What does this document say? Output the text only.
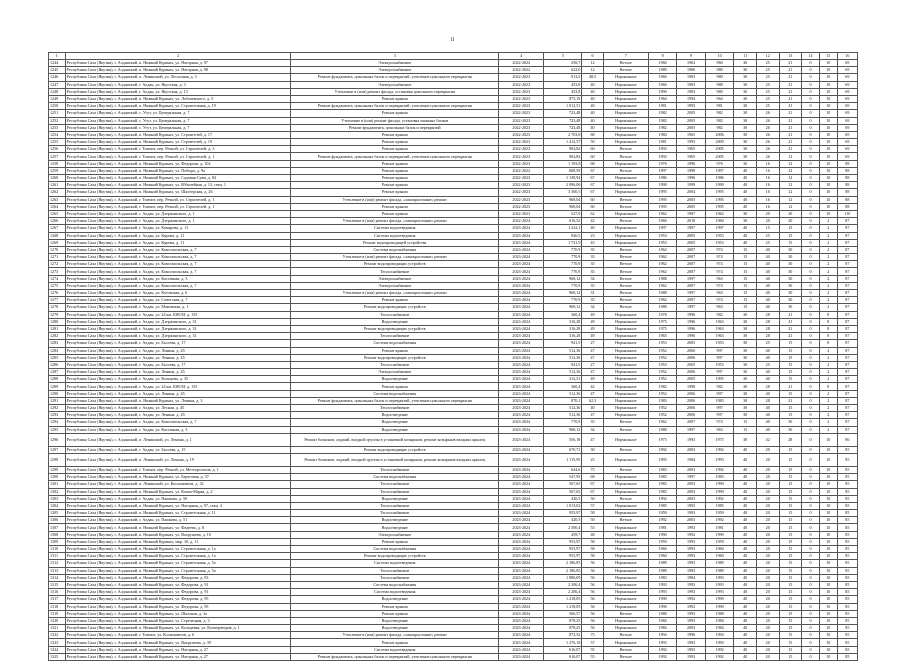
II
1	2	3	4	5	6	7	8	9	10	11	12	13	14	15	16
1244	Республика Саха (Якутия), г. Алданский, п. Нижний Куранах, ул. Нагорная, д. 97	Электроснабжение	2022-2022	256,7	12	Ветхое	1960	1963	960	30	25	21	0	10	69
1245	Республика Саха (Якутия), г. Алданский, п. Нижний Куранах, ул. Нагорная, д. 98	Электроснабжение	2022-2022	622,0	12	Ветхое	1989	1980	980	30	25	21	0	10	69
1246	Республика Саха (Якутия), г. Алданский, п. Ленинский, ул. Лесхозная, д. 3	Ремонт фундамента, цокольных балок и перекрытий, утепление цокольного перекрытия	2022-2023	913,5	48,5	Нормальное	1960	1983	980	30	25	21	0	10	69
1247	Республика Саха (Якутия), г. Алданский, г. Алдан, ул. Якутская, д. 3	Электроснабжение	2022-2022	453,8	40	Нормальное	1960	1983	988	30	25	21	0	10	69
1248	Республика Саха (Якутия), г. Алданский, г. Алдан, ул. Якутская, д. 13	Утепление в (или) ремонт фасада, установка цокольного перекрытия	2022-2023	453,8	40	Нормальное	1990	1983	980	30	25	21	0	10	69
1249	Республика Саха (Якутия), г. Алданский, п. Нижний Куранах, ул. Лобачевского, д. 5	Ремонт крыши	2022-2023	875,19	40	Нормальное	1964	1994	964	30	25	21	0	10	69
1250	Республика Саха (Якутия), г. Алданский, п. Нижний Куранах, ул. Строительная, д. 19	Ремонт фундамента, цокольных балок и перекрытий, утепление цокольного перекрытия	2022-2023	1 012,51	40	Нормальное	1981	1993	981	30	25	21	0	10	69
1251	Республика Саха (Якутия), г. Алданский, с. Угут, ул. Центральная, д. 7	Ремонт крыши	2022-2023	723,48	40	Нормальное	1982	2005	982	30	26	21	0	10	69
1252	Республика Саха (Якутия), г. Алданский, с. Угут, ул. Центральная, д. 7	Утепление в (или) ремонт фасада, установка оконных блоков	2022-2023	723,48	40	Нормальное	1982	2005	982	30	26	21	0	10	69
1253	Республика Саха (Якутия), г. Алданский, с. Угут, ул. Центральная, д. 7	Ремонт фундамента, цокольных балок и перекрытий	2022-2023	723,48	40	Нормальное	1982	2005	982	30	26	21	0	10	69
1254	Республика Саха (Якутия), г. Алданский, п. Нижний Куранах, ул. Строителей, д. 17	Ремонт крыши	2022-2023	2 703,8	68	Нормальное	1984	1965	2006	30	26	21	0	10	69
1255	Республика Саха (Якутия), г. Алданский, п. Нижний Куранах, ул. Строителей, д. 19	Ремонт крыши	2022-2023	1 412,57	50	Нормальное	1981	1993	2009	30	26	21	0	10	69
1256	Республика Саха (Якутия), г. Алданский, г. Томмот, пер. Речной, ул. Строителей, д. 3	Ремонт крыши	2022-2022	904,84	60	Ветхое	1993	1965	2005	30	26	21	0	10	69
1257	Республика Саха (Якутия), г. Алданский, г. Томмот, пер. Речной, ул. Строителей, д. 1	Ремонт фундамента, цокольных балок и перекрытий, утепление цокольного перекрытия	2022-2023	904,84	60	Ветхое	1993	1965	2005	30	26	12	0	10	69
1258	Республика Саха (Якутия), г. Алданский, п. Нижний Куранах, ул. Федорова, д. 102	Ремонт крыши	2022-2023	1 193,8	68	Нормальное	1976	1996	976	30	16	12	0	10	88
1259	Республика Саха (Якутия), г. Алданский, п. Нижний Куранах, ул. Победы, д. 9а	Ремонт крыши	2022-2022	668,59	67	Ветхое	1997	1999	1997	40	16	12	0	10	88
1260	Республика Саха (Якутия), г. Алданский, п. Нижний Куранах, ул. Садовая-Суви, д. 84	Ремонт крыши	2022-2023	1 138,94	67	Нормальное	1986	1996	1986	40	16	12	0	10	88
1261	Республика Саха (Якутия), г. Алданский, п. Нижний Куранах, ул. Юбилейная, д. 13, секц. 1	Ремонт крыши	2022-2023	2 096,06	67	Нормальное	1990	1999	1990	40	16	12	0	10	88
1262	Республика Саха (Якутия), г. Алданский, п. Нижний Куранах, ул. Шахтерская, д. 26	Ремонт крыши	2022-2023	3 360,5	67	Нормальное	1995	2004	1995	40	16	12	0	10	88
1263	Республика Саха (Якутия), г. Алданский, г. Томмот, пер. Речной, ул. Строителей, д. 1	Утепление в (или) ремонт фасада, «лакокрасочные» ремонт	2022-2023	968,04	60	Ветхое	1995	2005	1995	40	16	12	0	10	88
1264	Республика Саха (Якутия), г. Алданский, г. Томмот, пер. Речной, ул. Строителей, д. 1	Ремонт крыши	2022-2023	968,04	60	Ветхое	1995	2005	1995	40	16	12	0	10	88
1265	Республика Саха (Якутия), г. Алданский, г. Алдан, ул. Дзержинского, д. 1	Ремонт крыши	2022-2023	527,9	62	Нормальное	1962	1987	1962	30	20	20	0	10	110
1266	Республика Саха (Якутия), г. Алданский, г. Алдан, ул. Дзержинского, д. 1	Утепление в (или) ремонт фасада, «лакокрасочные» ремонт	2022-2024	616,52	42	Ветхое	1960	2010	1960	30	20	20	0	2	87
1267	Республика Саха (Якутия), г. Алданский, г. Алдан, ул. Комарова, д. 11	Система водоотведения	2023-2024	1 222,1	40	Нормальное	1997	1997	1997	40	15	15	0	2	87
1268	Республика Саха (Якутия), г. Алданский, г. Алдан, ул. Кирова, д. 11	Система водоотведения	2023-2024	946,5	23	Нормальное	1953	2005	1953	40	25	15	0	2	87
1269	Республика Саха (Якутия), г. Алданский, г. Алдан, ул. Кирова, д. 11	Ремонт водопроводящей устройства	2023-2024	1 731,9	43	Нормальное	1953	2005	1953	40	25	15	0	2	87
1270	Республика Саха (Якутия), г. Алданский, г. Алдан, ул. Комсомольская, д. 7	Система водоснабжения	2023-2024	770,9	35	Ветхое	1962	2007	974	15	40	30	0	2	87
1271	Республика Саха (Якутия), г. Алданский, г. Алдан, ул. Комсомольская, д. 7	Утепление в (или) ремонт фасада, «лакокрасочные» ремонт	2023-2024	770,9	35	Ветхое	1962	2007	974	15	40	30	0	2	87
1272	Республика Саха (Якутия), г. Алданский, г. Алдан, ул. Комсомольская, д. 7	Ремонт водопроводящих устройств	2023-2024	770,9	35	Ветхое	1962	2007	974	15	40	30	0	2	87
1273	Республика Саха (Якутия), г. Алданский, г. Алдан, ул. Комсомольская, д. 7	Теплоснабжение	2023-2024	770,9	35	Ветхое	1962	2007	974	15	40	30	0	2	87
1274	Республика Саха (Якутия), г. Алданский, г. Алдан, ул. Кастачная, д. 3	Электроснабжение	2023-2024	968,12	34	Ветхое	1988	1997	963	15	40	30	0	2	87
1275	Республика Саха (Якутия), г. Алданский, г. Алдан, ул. Комсомольская, д. 7	Электроснабжение	2023-2024	770,9	35	Ветхое	1962	2007	974	15	40	30	0	2	87
1276	Республика Саха (Якутия), г. Алданский, г. Алдан, ул. Котовская, д. 6	Утепление в (или) ремонт фасада, «лакокрасочные» ремонт	2023-2024	968,12	31	Ветхое	1988	1997	963	15	40	30	0	2	87
1277	Республика Саха (Якутия), г. Алданский, г. Алдан, ул. Советская, д. 7	Ремонт крыши	2023-2024	770,9	35	Ветхое	1962	2007	974	15	40	30	0	2	87
1278	Республика Саха (Якутия), г. Алданский, г. Алдан, ул. Маковская, д. 1	Ремонт водопроводящих устройств	2023-2024	968,12	34	Ветхое	1988	1997	963	15	40	30	0	2	87
1279	Республика Саха (Якутия), г. Алданский, г. Алдан, ул. 24 км. КЯСМ, д. 155	Теплоснабжение	2023-2024	360,4	49	Нормальное	1978	1996	982	30	28	21	0	8	87
1280	Республика Саха (Якутия), г. Алданский, г. Алдан, ул. Дзержинского, д. 31	Водоотведение	2023-2024	316,28	49	Нормальное	1975	1996	1963	30	28	21	0	8	87
1281	Республика Саха (Якутия), г. Алданский, г. Алдан, ул. Дзержинского, д. 31	Ремонт водопроводящих устройств	2023-2024	316,28	49	Нормальное	1975	1996	1963	30	28	21	0	8	87
1282	Республика Саха (Якутия), г. Алданский, г. Алдан, ул. Дзержинского, д. 31	Теплоснабжение	2023-2024	316,28	49	Нормальное	1965	1996	1963	30	28	21	0	8	87
1283	Республика Саха (Якутия), г. Алданский, г. Алдан, ул. Бьосева, д. 17	Система водоснабжения	2023-2024	941,5	27	Нормальное	1953	2005	1953	30	25	15	0	8	87
1284	Республика Саха (Якутия), г. Алданский, г. Алдан, ул. Ленина, д. 45	Ремонт крыши	2023-2024	512,36	47	Нормальное	1952	2006	997	30	40	15	0	2	87
1285	Республика Саха (Якутия), г. Алданский, г. Алдан, ул. Ленина, д. 45	Ремонт водопроводящих устройств	2023-2024	512,36	47	Нормальное	1952	2006	997	30	40	15	0	2	87
1286	Республика Саха (Якутия), г. Алданский, г. Алдан, ул. Бьосева, д. 17	Теплоснабжение	2023-2024	941,5	27	Нормальное	1953	2005	1953	30	25	15	0	2	87
1287	Республика Саха (Якутия), г. Алданский, г. Алдан, ул. Ленина, д. 45	Электроснабжение	2023-2024	512,36	47	Нормальное	1952	2006	997	30	40	15	0	2	87
1288	Республика Саха (Якутия), г. Алданский, г. Алдан, ул. Кольцова, д. 35	Водоотведение	2023-2024	312,51	49	Нормальное	1952	2005	1995	30	40	15	0	2	87
1289	Республика Саха (Якутия), г. Алданский, г. Алдан, ул. 24 км. КЯСМ, д. 155	Ремонт крыши	2023-2024	360,4	42	Нормальное	1982	1998	982	30	28	21	0	8	87
1290	Республика Саха (Якутия), г. Алданский, г. Алдан, ул. Ленина, д. 45	Система водоснабжения	2023-2024	512,36	47	Нормальное	1952	2006	997	30	40	15	0	2	87
1291	Республика Саха (Якутия), г. Алданский, п. Нижний Куранах, ул. Ленина, д. 3	Ремонт фундамента, цокольных балок и перекрытий, утепление цокольного перекрытия	2023-2024	870,1	62,3	Нормальное	1983	2006	1983	30	28	21	0	2	87
1292	Республика Саха (Якутия), г. Алданский, г. Алдан, ул. Лесная, д. 45	Теплоснабжение	2023-2024	512,36	40	Нормальное	1952	2006	997	30	40	15	0	2	87
1293	Республика Саха (Якутия), г. Алданский, г. Алдан, ул. Ленина, д. 45	Водоотведение	2023-2024	512,36	47	Нормальное	1952	2006	997	30	40	15	0	2	87
1294	Республика Саха (Якутия), г. Алданский, г. Алдан, ул. Комсомольская, д. 7	Водоотведение	2023-2024	770,9	35	Ветхое	1962	2007	974	15	40	30	0	2	87
1295	Республика Саха (Якутия), г. Алданский, г. Алдан, ул. Кастачная, д. 3	Водоотведение	2023-2024	968,12	34	Ветхое	1988	1997	963	15	40	30	0	2	87
1296	Республика Саха (Якутия), г. Алданский, п. Ленинский, ул. Ленина, д. 1	Ремонт балконов, лоджий, входной группы в установкой козырьков, ремонт козырьков входных крылец	2023-2024	556,18	47	Нормальное	1975	1993	1975	38	32	28	0	10	86
1297	Республика Саха (Якутия), г. Алданский, г. Алдан, ул. Бьосева, д. 15	Ремонт водопроводящих устройств	2023-2024	670,71	30	Ветхое	1992	2003	1992	40	20	15	0	10	85
1298	Республика Саха (Якутия), г. Алданский, п. Ленинский, ул. Ленина, д. 19	Ремонт балконов, лоджий, входной группы в установкой козырьков, ремонт козырьков входных крылец	2023-2024	1 115,95	25	Нормальное	1993	1984	1993	40	20	15	0	10	85
1299	Республика Саха (Якутия), г. Алданский, г. Томмот, пер. Речной, ул. Метеорологов, д. 1	Теплоснабжение	2023-2024	644,6	75	Ветхое	1983	2003	1992	40	20	15	0	10	85
1300	Республика Саха (Якутия), г. Алданский, п. Нижний Куранах, ул. Береговая, д. 37	Система водоснабжения	2023-2024	547,93	68	Нормальное	1983	1997	1983	40	20	15	0	10	85
1301	Республика Саха (Якутия), г. Алданский, п. Ленинский, ул. Космонавтов, д. 32	Теплоснабжение	2023-2024	567,65	67	Нормальное	1983	2003	1990	40	20	15	0	10	85
1302	Республика Саха (Якутия), г. Алданский, п. Нижний Куранах, ул. Кошы-Марка, д. 2	Теплоснабжение	2023-2024	567,65	67	Нормальное	1983	2003	1990	40	20	15	0	10	85
1303	Республика Саха (Якутия), г. Алданский, г. Алдан, ул. Пашкова, д. 50	Водоотведение	2023-2024	420,5	50	Ветхое	1992	2003	1992	40	20	15	0	10	85
1304	Республика Саха (Якутия), г. Алданский, п. Нижний Куранах, ул. Нагорная, д. 97, секц. 4	Теплоснабжение	2023-2024	1 013,02	57	Нормальное	1985	1993	1985	40	20	15	0	10	85
1305	Республика Саха (Якутия), г. Алданский, п. Нижний Куранах, ул. Строительная, д. 11	Теплоснабжение	2023-2024	955,97	58	Нормальное	1959	1993	1959	40	20	15	0	10	85
1306	Республика Саха (Якутия), г. Алданский, г. Алдан, ул. Пашкова, д. 51	Водоотведение	2023-2024	420,5	50	Ветхое	1992	2003	1992	40	20	15	0	10	85
1307	Республика Саха (Якутия), г. Алданский, п. Нижний Куранах, ул. Фадеева, д. 8	Водоотведение	2023-2024	2 500,4	53	Нормальное	1981	1993	1981	40	20	15	0	10	85
1308	Республика Саха (Якутия), г. Алданский, п. Нижний Куранах, ул. Вахрушева, д. 10	Электроснабжение	2023-2024	459,7	48	Нормальное	1990	1992	1990	40	20	15	0	10	85
1309	Республика Саха (Якутия), г. Алданский, п. Нижний Куранах, мкр. 16, д. 11	Ремонт крыши	2023-2024	955,97	58	Нормальное	1959	1993	1959	40	20	15	0	10	85
1310	Республика Саха (Якутия), г. Алданский, п. Нижний Куранах, ул. Строительная, д. 1а	Система водоснабжения	2023-2024	955,97	58	Нормальное	1960	1993	1960	40	20	15	0	10	85
1311	Республика Саха (Якутия), г. Алданский, п. Нижний Куранах, ул. Строительная, д. 1а	Ремонт водопроводящих устройств	2023-2024	955,97	58	Нормальное	1960	1993	1960	40	20	15	0	10	85
1312	Республика Саха (Якутия), г. Алданский, п. Нижний Куранах, ул. Строительная, д. 5а	Система водоотведения	2023-2024	2 186,85	56	Нормальное	1989	1993	1989	40	20	15	0	10	85
1313	Республика Саха (Якутия), г. Алданский, п. Нижний Куранах, ул. Строительная, д. 5а	Теплоснабжение	2023-2024	2 186,85	56	Нормальное	1989	1993	1989	40	20	15	0	10	85
1314	Республика Саха (Якутия), г. Алданский, п. Нижний Куранах, ул. Федорова, д. 83	Теплоснабжение	2023-2024	1 886,09	56	Нормальное	1983	1984	1993	40	20	15	0	10	85
1315	Республика Саха (Якутия), г. Алданский, п. Нижний Куранах, ул. Федорова, д. 91	Система водоснабжения	2023-2024	2 206,4	56	Нормальное	1993	1993	1993	40	20	15	0	10	85
1316	Республика Саха (Якутия), г. Алданский, п. Нижний Куранах, ул. Федорова, д. 91	Система водоотведения	2023-2024	2 206,4	56	Нормальное	1993	1993	1993	40	20	15	0	10	85
1317	Республика Саха (Якутия), г. Алданский, п. Нижний Куранах, ул. Федорова, д. 95	Водоотведение	2023-2024	1 218,05	56	Нормальное	1990	1992	1990	40	20	15	0	10	85
1318	Республика Саха (Якутия), г. Алданский, п. Нижний Куранах, ул. Федорова, д. 95	Ремонт крыши	2023-2024	1 218,05	56	Нормальное	1990	1992	1990	40	20	15	0	10	85
1319	Республика Саха (Якутия), г. Алданский, п. Нижний Куранах, ул. Шахтная, д. 3а	Ремонт крыши	2023-2024	560,57	56	Ветхое	1988	1993	1988	40	20	15	0	10	85
1320	Республика Саха (Якутия), г. Алданский, п. Нижний Куранах, ул. Стрелецкая, д. 3	Водоотведение	2023-2024	878,25	56	Нормальное	1984	1993	1984	40	20	15	0	10	85
1321	Республика Саха (Якутия), г. Алданский, п. Нижний Куранах, ул. Кольцевая, ул. Кооператоров, д. 1	Водоотведение	2023-2024	878,25	56	Нормальное	1984	2003	1984	40	20	15	0	10	85
1322	Республика Саха (Якутия), г. Алданский, г. Томмот, ул. Космонавтов, д. 6	Утепление в (или) ремонт фасада, «лакокрасочные» ремонт	2023-2024	873,52	75	Ветхое	1994	1996	1994	40	20	15	0	10	85
1323	Республика Саха (Якутия), г. Алданский, п. Нижний Куранах, ул. Вахрушева, д. 39	Ремонт крыши	2023-2024	1 276,18	57	Нормальное	1993	1993	1993	40	20	15	0	10	85
1324	Республика Саха (Якутия), г. Алданский, п. Нижний Куранах, ул. Нагорная, д. 27	Система водоотведения	2023-2024	616,07	55	Ветхое	1992	1993	1992	40	20	15	0	10	85
1325	Республика Саха (Якутия), г. Алданский, п. Нижний Куранах, ул. Нагорная, д. 27	Ремонт фундамента, цокольных балок и перекрытий, утепление цокольного перекрытия	2023-2024	616,07	55	Ветхое	1992	1993	1992	40	20	15	0	10	85
